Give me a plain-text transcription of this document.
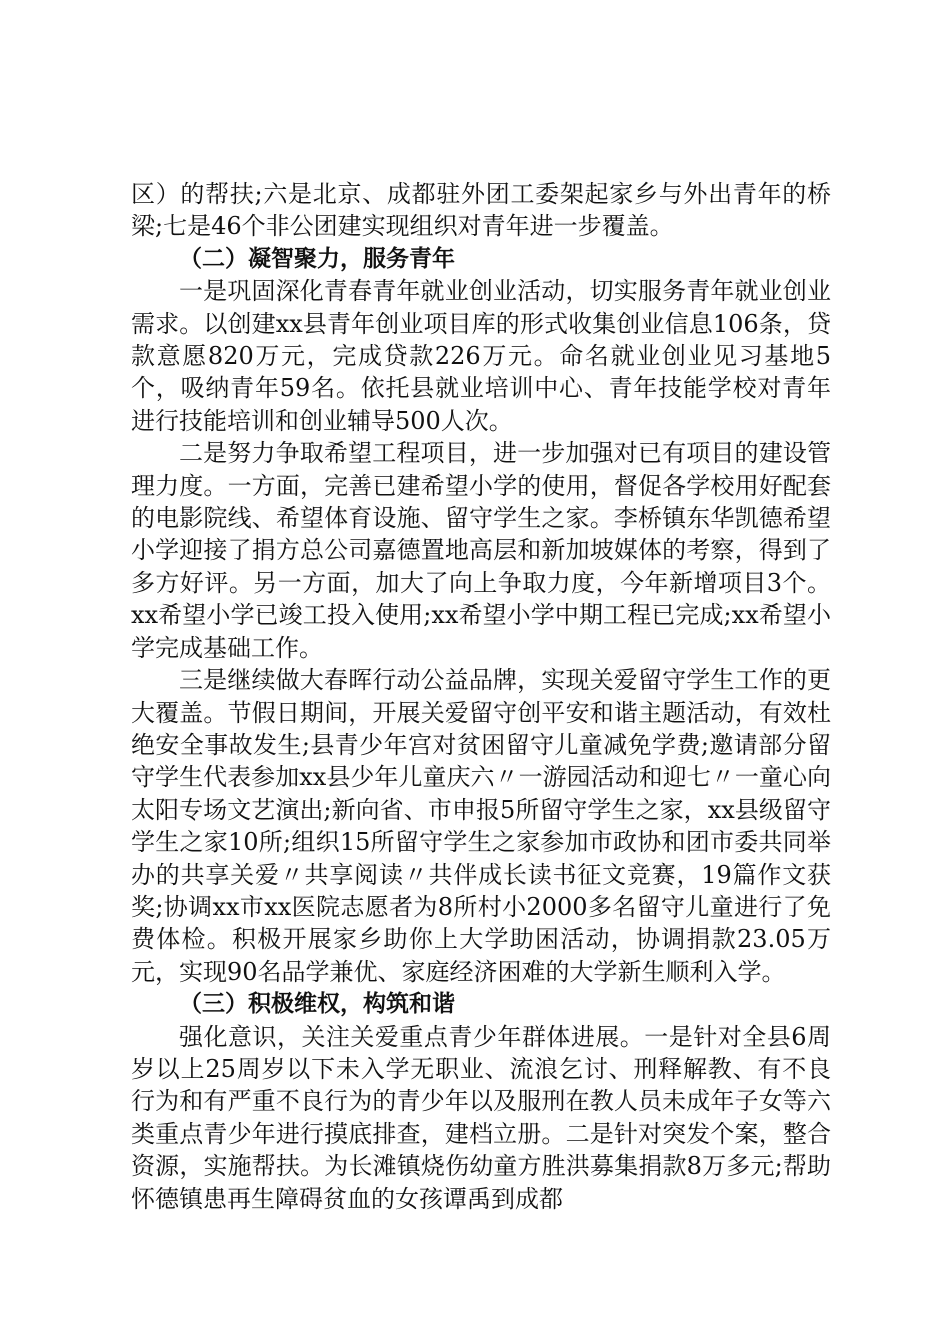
区）的帮扶;六是北京、成都驻外团工委架起家乡与外出青年的桥梁;七是46个非公团建实现组织对青年进一步覆盖。

（二）凝智聚力，服务青年

一是巩固深化青春青年就业创业活动，切实服务青年就业创业需求。以创建xx县青年创业项目库的形式收集创业信息106条，贷款意愿820万元，完成贷款226万元。命名就业创业见习基地5个，吸纳青年59名。依托县就业培训中心、青年技能学校对青年进行技能培训和创业辅导500人次。

二是努力争取希望工程项目，进一步加强对已有项目的建设管理力度。一方面，完善已建希望小学的使用，督促各学校用好配套的电影院线、希望体育设施、留守学生之家。李桥镇东华凯德希望小学迎接了捐方总公司嘉德置地高层和新加坡媒体的考察，得到了多方好评。另一方面，加大了向上争取力度，今年新增项目3个。xx希望小学已竣工投入使用;xx希望小学中期工程已完成;xx希望小学完成基础工作。

三是继续做大春晖行动公益品牌，实现关爱留守学生工作的更大覆盖。节假日期间，开展关爱留守创平安和谐主题活动，有效杜绝安全事故发生;县青少年宫对贫困留守儿童减免学费;邀请部分留守学生代表参加xx县少年儿童庆六〃一游园活动和迎七〃一童心向太阳专场文艺演出;新向省、市申报5所留守学生之家，xx县级留守学生之家10所;组织15所留守学生之家参加市政协和团市委共同举办的共享关爱〃共享阅读〃共伴成长读书征文竞赛，19篇作文获奖;协调xx市xx医院志愿者为8所村小2000多名留守儿童进行了免费体检。积极开展家乡助你上大学助困活动，协调捐款23.05万元，实现90名品学兼优、家庭经济困难的大学新生顺利入学。

（三）积极维权，构筑和谐

强化意识，关注关爱重点青少年群体进展。一是针对全县6周岁以上25周岁以下未入学无职业、流浪乞讨、刑释解教、有不良行为和有严重不良行为的青少年以及服刑在教人员未成年子女等六类重点青少年进行摸底排查，建档立册。二是针对突发个案，整合资源，实施帮扶。为长滩镇烧伤幼童方胜洪募集捐款8万多元;帮助怀德镇患再生障碍贫血的女孩谭禹到成都
